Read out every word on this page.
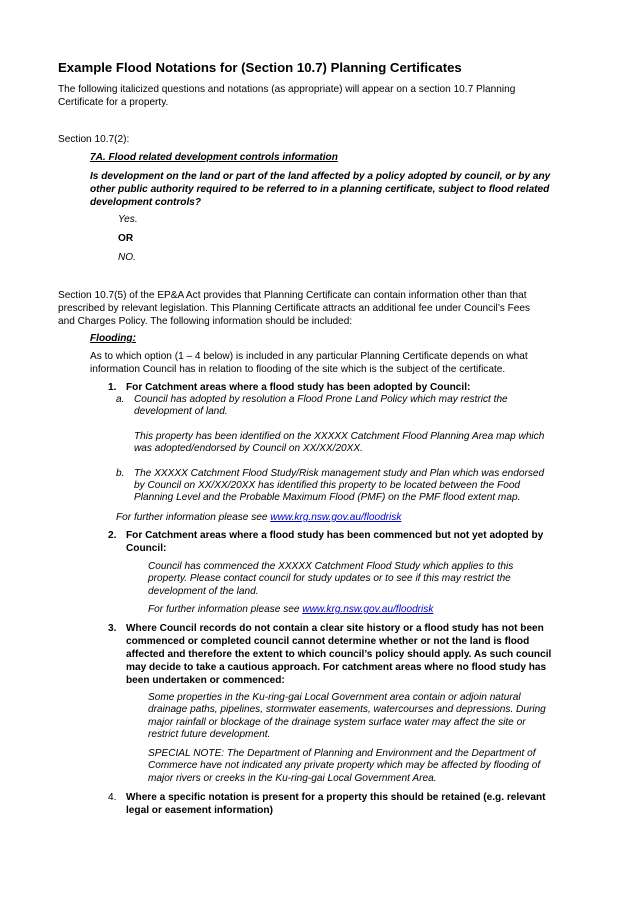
Example Flood Notations for (Section 10.7) Planning Certificates
The following italicized questions and notations (as appropriate) will appear on a section 10.7 Planning
Certificate for a property.
Section 10.7(2):
7A. Flood related development controls information
Is development on the land or part of the land affected by a policy adopted by council, or by any
other public authority required to be referred to in a planning certificate, subject to flood related
development controls?
Yes.
OR
NO.
Section 10.7(5) of the EP&A Act provides that Planning Certificate can contain information other than that
prescribed by relevant legislation. This Planning Certificate attracts an additional fee under Council’s Fees
and Charges Policy. The following information should be included:
Flooding:
As to which option (1 – 4 below) is included in any particular Planning Certificate depends on what
information Council has in relation to flooding of the site which is the subject of the certificate.
1. For Catchment areas where a flood study has been adopted by Council:
a. Council has adopted by resolution a Flood Prone Land Policy which may restrict the
development of land.
This property has been identified on the XXXXX Catchment Flood Planning Area map which
was adopted/endorsed by Council on XX/XX/20XX.
b. The XXXXX Catchment Flood Study/Risk management study and Plan which was endorsed
by Council on XX/XX/20XX has identified this property to be located between the Food
Planning Level and the Probable Maximum Flood (PMF) on the PMF flood extent map.
For further information please see www.krg.nsw.gov.au/floodrisk
2. For Catchment areas where a flood study has been commenced but not yet adopted by
Council:
Council has commenced the XXXXX Catchment Flood Study which applies to this
property. Please contact council for study updates or to see if this may restrict the
development of the land.
For further information please see www.krg.nsw.gov.au/floodrisk
3. Where Council records do not contain a clear site history or a flood study has not been
commenced or completed council cannot determine whether or not the land is flood
affected and therefore the extent to which council’s policy should apply. As such council
may decide to take a cautious approach. For catchment areas where no flood study has
been undertaken or commenced:
Some properties in the Ku-ring-gai Local Government area contain or adjoin natural
drainage paths, pipelines, stormwater easements, watercourses and depressions. During
major rainfall or blockage of the drainage system surface water may affect the site or
restrict future development.
SPECIAL NOTE: The Department of Planning and Environment and the Department of
Commerce have not indicated any private property which may be affected by flooding of
major rivers or creeks in the Ku-ring-gai Local Government Area.
4. Where a specific notation is present for a property this should be retained (e.g. relevant
legal or easement information)
